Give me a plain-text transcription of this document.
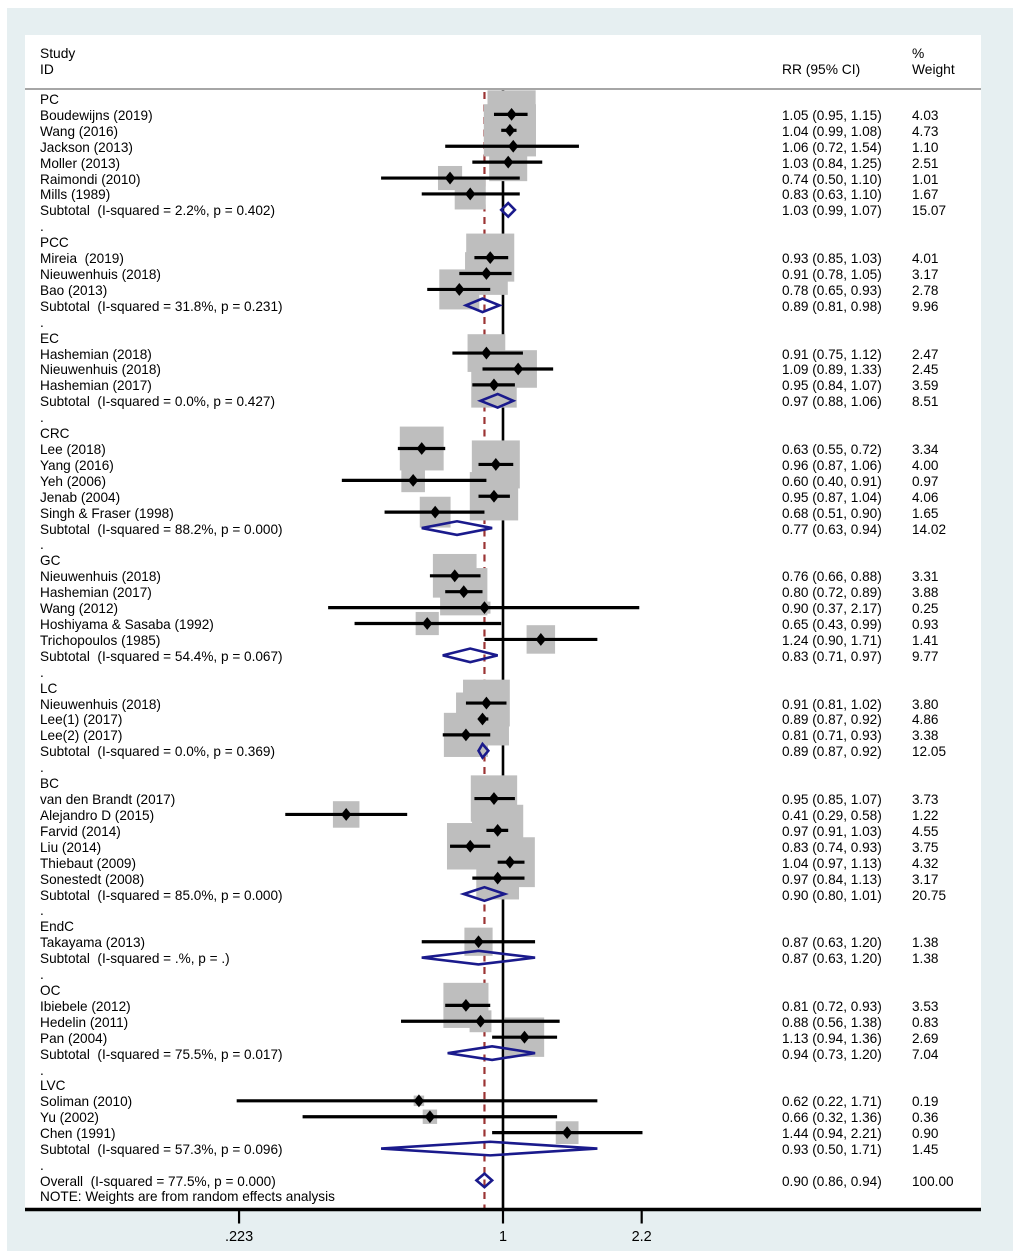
Study
ID	RR (95% CI)
%
Weight
NOTE: Weights are from random effects analysis
PC
Boudewijns (2019)	1.05 (0.95, 1.15) 4.03
Wang (2016)	1.04 (0.99, 1.08) 4.73
Jackson (2013)	1.06 (0.72, 1.54) 1.10
Moller (2013)	1.03 (0.84, 1.25) 2.51
Raimondi (2010)	0.74 (0.50, 1.10) 1.01
Mills (1989)	0.83 (0.63, 1.10) 1.67
Subtotal  (I-squared = 2.2%, p = 0.402)	1.03 (0.99, 1.07) 15.07
.
PCC
Mireia  (2019)	0.93 (0.85, 1.03) 4.01
Nieuwenhuis (2018)	0.91 (0.78, 1.05) 3.17
Bao (2013)	0.78 (0.65, 0.93) 2.78
Subtotal  (I-squared = 31.8%, p = 0.231)	0.89 (0.81, 0.98) 9.96
.
EC
Hashemian (2018)	0.91 (0.75, 1.12) 2.47
Nieuwenhuis (2018)	1.09 (0.89, 1.33) 2.45
Hashemian (2017)	0.95 (0.84, 1.07) 3.59
Subtotal  (I-squared = 0.0%, p = 0.427)	0.97 (0.88, 1.06) 8.51
.
CRC
Lee (2018)	0.63 (0.55, 0.72) 3.34
Yang (2016)	0.96 (0.87, 1.06) 4.00
Yeh (2006)	0.60 (0.40, 0.91) 0.97
Jenab (2004)	0.95 (0.87, 1.04) 4.06
Singh & Fraser (1998)	0.68 (0.51, 0.90) 1.65
Subtotal  (I-squared = 88.2%, p = 0.000)	0.77 (0.63, 0.94) 14.02
.
GC
Nieuwenhuis (2018)	0.76 (0.66, 0.88) 3.31
Hashemian (2017)	0.80 (0.72, 0.89) 3.88
Wang (2012)	0.90 (0.37, 2.17) 0.25
Hoshiyama & Sasaba (1992)	0.65 (0.43, 0.99) 0.93
Trichopoulos (1985)	1.24 (0.90, 1.71) 1.41
Subtotal  (I-squared = 54.4%, p = 0.067)	0.83 (0.71, 0.97) 9.77
.
LC
Nieuwenhuis (2018)	0.91 (0.81, 1.02) 3.80
Lee(1) (2017)	0.89 (0.87, 0.92) 4.86
Lee(2) (2017)	0.81 (0.71, 0.93) 3.38
Subtotal  (I-squared = 0.0%, p = 0.369)	0.89 (0.87, 0.92) 12.05
.
BC
van den Brandt (2017)	0.95 (0.85, 1.07) 3.73
Alejandro D (2015)	0.41 (0.29, 0.58) 1.22
Farvid (2014)	0.97 (0.91, 1.03) 4.55
Liu (2014)	0.83 (0.74, 0.93) 3.75
Thiebaut (2009)	1.04 (0.97, 1.13) 4.32
Sonestedt (2008)	0.97 (0.84, 1.13) 3.17
Subtotal  (I-squared = 85.0%, p = 0.000)	0.90 (0.80, 1.01) 20.75
.
EndC
Takayama (2013)	0.87 (0.63, 1.20) 1.38
Subtotal  (I-squared = .%, p = .)	0.87 (0.63, 1.20) 1.38
.
OC
Ibiebele (2012)	0.81 (0.72, 0.93) 3.53
Hedelin (2011)	0.88 (0.56, 1.38) 0.83
Pan (2004)	1.13 (0.94, 1.36) 2.69
Subtotal  (I-squared = 75.5%, p = 0.017)	0.94 (0.73, 1.20) 7.04
.
LVC
Soliman (2010)	0.62 (0.22, 1.71) 0.19
Yu (2002)	0.66 (0.32, 1.36) 0.36
Chen (1991)	1.44 (0.94, 2.21) 0.90
Subtotal  (I-squared = 57.3%, p = 0.096)	0.93 (0.50, 1.71) 1.45
.
Overall  (I-squared = 77.5%, p = 0.000)	0.90 (0.86, 0.94) 100.00
.223	1	2.2
